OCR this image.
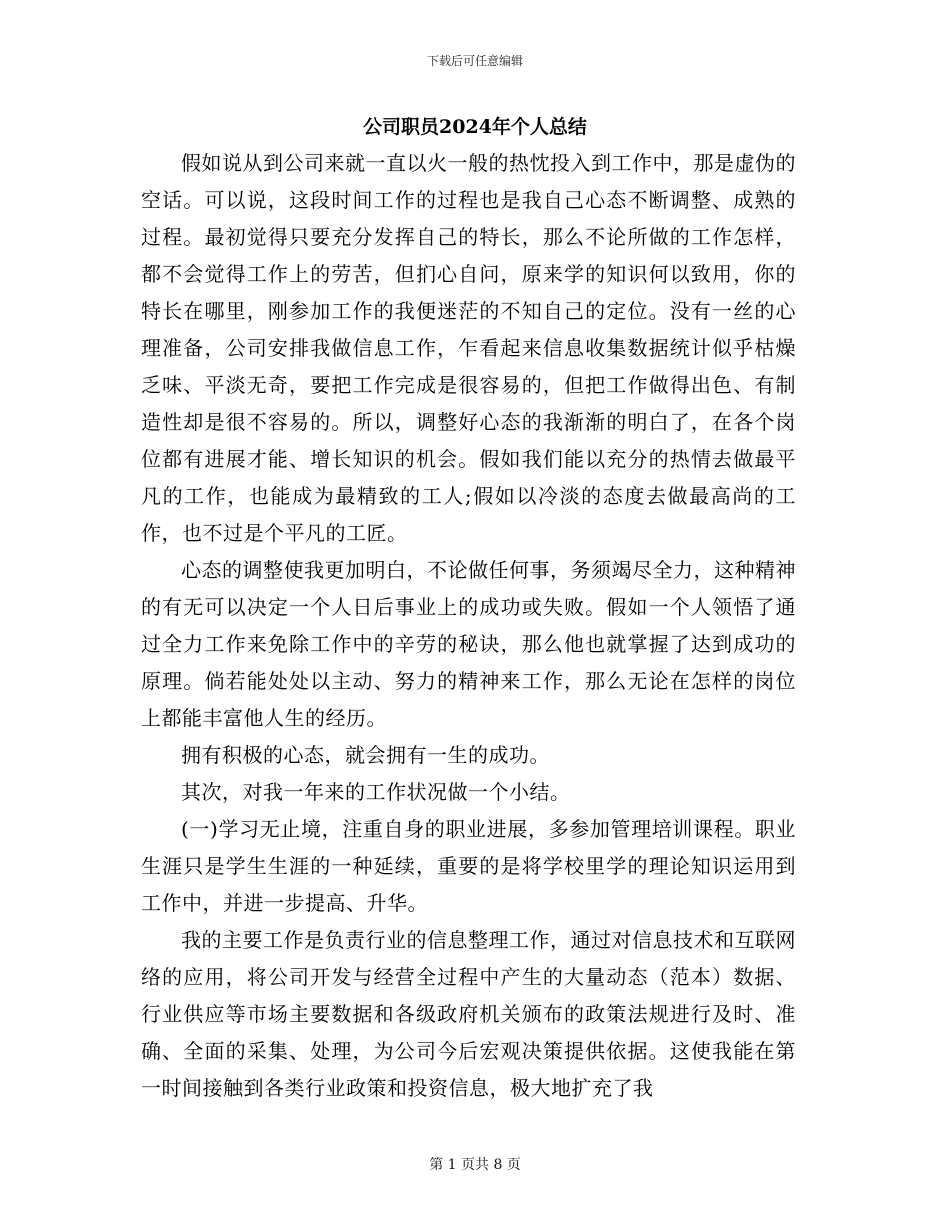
下载后可任意编辑
公司职员2024年个人总结

假如说从到公司来就一直以火一般的热忱投入到工作中，那是虚伪的空话。可以说，这段时间工作的过程也是我自己心态不断调整、成熟的过程。最初觉得只要充分发挥自己的特长，那么不论所做的工作怎样，都不会觉得工作上的劳苦，但扪心自问，原来学的知识何以致用，你的特长在哪里，刚参加工作的我便迷茫的不知自己的定位。没有一丝的心理准备，公司安排我做信息工作，乍看起来信息收集数据统计似乎枯燥乏味、平淡无奇，要把工作完成是很容易的，但把工作做得出色、有制造性却是很不容易的。所以，调整好心态的我渐渐的明白了，在各个岗位都有进展才能、增长知识的机会。假如我们能以充分的热情去做最平凡的工作，也能成为最精致的工人;假如以冷淡的态度去做最高尚的工作，也不过是个平凡的工匠。

心态的调整使我更加明白，不论做任何事，务须竭尽全力，这种精神的有无可以决定一个人日后事业上的成功或失败。假如一个人领悟了通过全力工作来免除工作中的辛劳的秘诀，那么他也就掌握了达到成功的原理。倘若能处处以主动、努力的精神来工作，那么无论在怎样的岗位上都能丰富他人生的经历。

拥有积极的心态，就会拥有一生的成功。

其次，对我一年来的工作状况做一个小结。

(一)学习无止境，注重自身的职业进展，多参加管理培训课程。职业生涯只是学生生涯的一种延续，重要的是将学校里学的理论知识运用到工作中，并进一步提高、升华。

我的主要工作是负责行业的信息整理工作，通过对信息技术和互联网络的应用，将公司开发与经营全过程中产生的大量动态（范本）数据、行业供应等市场主要数据和各级政府机关颁布的政策法规进行及时、准确、全面的采集、处理，为公司今后宏观决策提供依据。这使我能在第一时间接触到各类行业政策和投资信息，极大地扩充了我

第 1 页共 8 页
